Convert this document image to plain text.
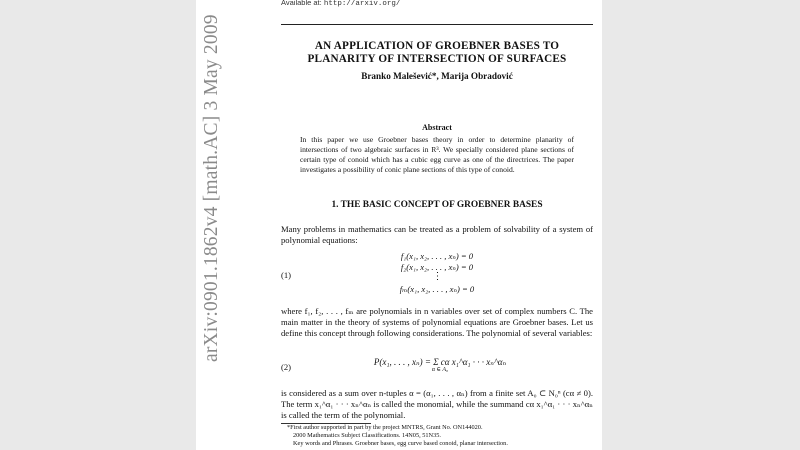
arXiv:0901.1862v4 [math.AC] 3 May 2009
Available at: http://arxiv.org/
AN APPLICATION OF GROEBNER BASES TO
PLANARITY OF INTERSECTION OF SURFACES
Branko Malešević*, Marija Obradović
Abstract

In this paper we use Groebner bases theory in order to determine planarity of intersections of two algebraic surfaces in R³. We specially considered plane sections of certain type of conoid which has a cubic egg curve as one of the directrices. The paper investigates a possibility of conic plane sections of this type of conoid.

1. THE BASIC CONCEPT OF GROEBNER BASES

Many problems in mathematics can be treated as a problem of solvability of a system of polynomial equations:

(1)
f₁(x₁, x₂, . . . , xₙ) = 0
f₂(x₁, x₂, . . . , xₙ) = 0
⋮
fₘ(x₁, x₂, . . . , xₙ) = 0

where f₁, f₂, . . . , fₘ are polynomials in n variables over set of complex numbers C. The main matter in the theory of systems of polynomial equations are Groebner bases. Let us define this concept through following considerations. The polynomial of several variables:

(2)	P(x₁, . . . , xₙ) = Σ cα x₁^α₁ · · · xₙ^αₙ
α ∈ A₀

is considered as a sum over n-tuples α = (α₁, . . . , αₙ) from a finite set A₀ ⊂ N₀ⁿ (cα ≠ 0). The term x₁^α₁ · · · xₙ^αₙ is called the monomial, while the summand cα x₁^α₁ · · · xₙ^αₙ is called the term of the polynomial.

*First author supported in part by the project MNTRS, Grant No. ON144020.

2000 Mathematics Subject Classifications. 14N05, 51N35.

Key words and Phrases. Groebner bases, egg curve based conoid, planar intersection.
